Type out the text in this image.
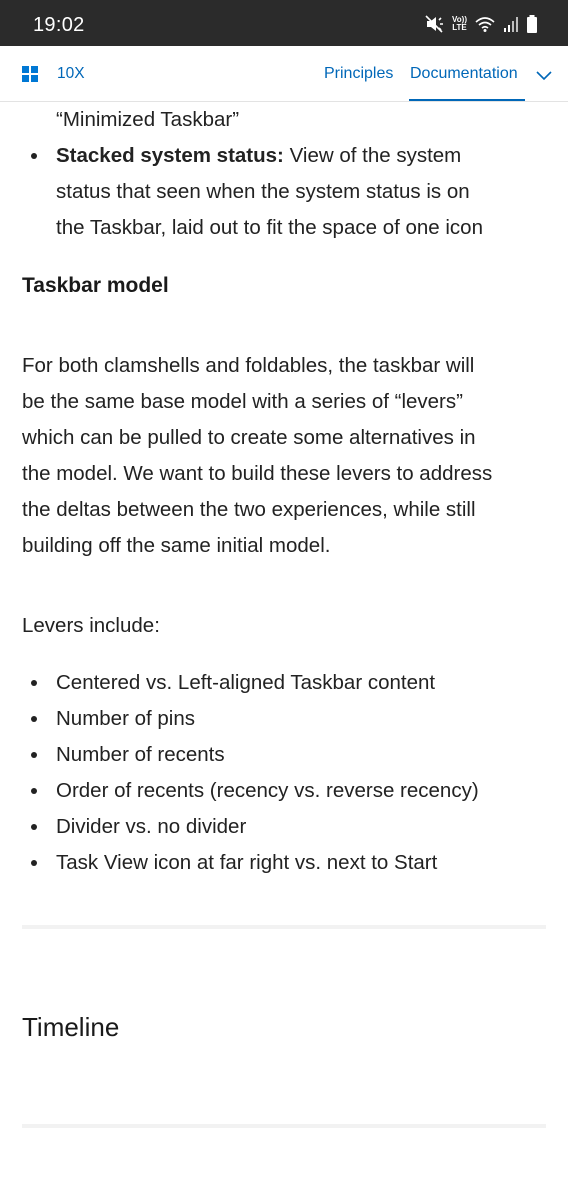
19:02	Vo))
LTE
10X	Principles Documentation
“Minimized Taskbar”
Stacked system status: View of the system
status that seen when the system status is on
the Taskbar, laid out to fit the space of one icon
Taskbar model
For both clamshells and foldables, the taskbar will
be the same base model with a series of “levers”
which can be pulled to create some alternatives in
the model. We want to build these levers to address
the deltas between the two experiences, while still
building off the same initial model.
Levers include:
Centered vs. Left-aligned Taskbar content
Number of pins
Number of recents
Order of recents (recency vs. reverse recency)
Divider vs. no divider
Task View icon at far right vs. next to Start
Timeline
